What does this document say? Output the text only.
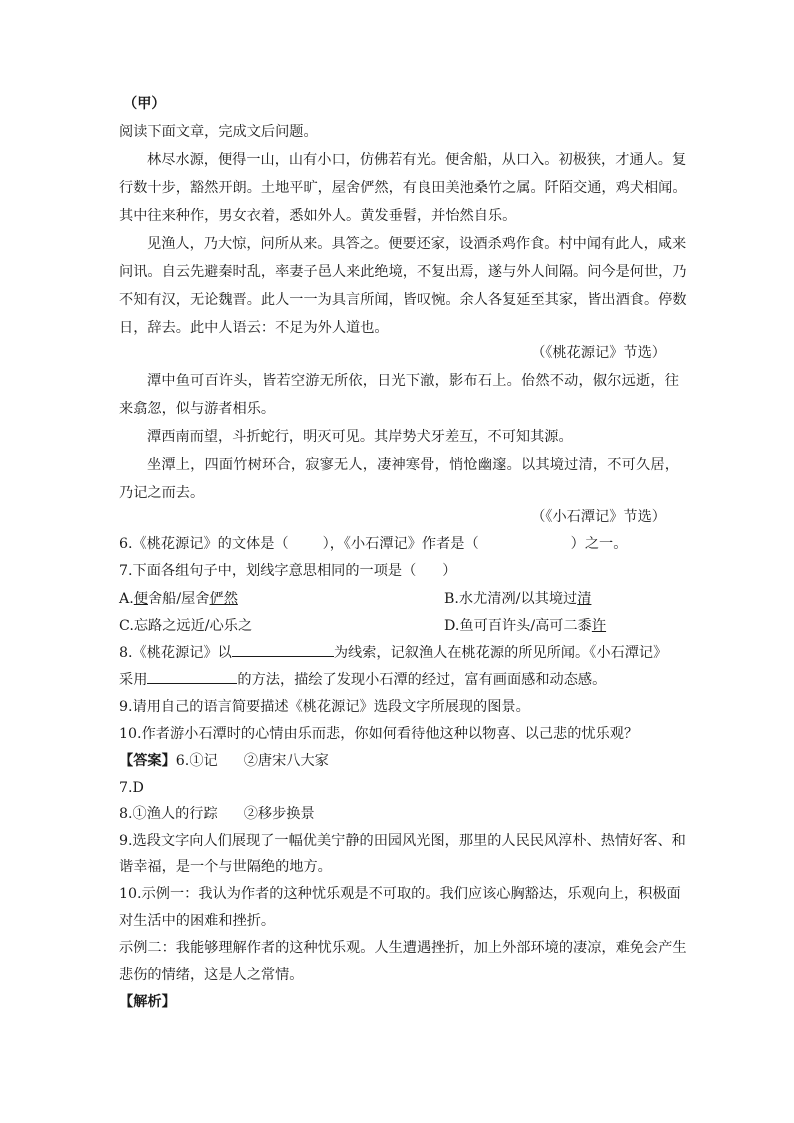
（甲）
阅读下面文章，完成文后问题。
林尽水源，便得一山，山有小口，仿佛若有光。便舍船，从口入。初极狭，才通人。复
行数十步，豁然开朗。土地平旷，屋舍俨然，有良田美池桑竹之属。阡陌交通，鸡犬相闻。
其中往来种作，男女衣着，悉如外人。黄发垂髫，并怡然自乐。
见渔人，乃大惊，问所从来。具答之。便要还家，设酒杀鸡作食。村中闻有此人，咸来
问讯。自云先避秦时乱，率妻子邑人来此绝境，不复出焉，遂与外人间隔。问今是何世，乃
不知有汉，无论魏晋。此人一一为具言所闻，皆叹惋。余人各复延至其家，皆出酒食。停数
日，辞去。此中人语云：不足为外人道也。
（《桃花源记》节选）
潭中鱼可百许头，皆若空游无所依，日光下澈，影布石上。佁然不动，俶尔远逝，往
来翕忽，似与游者相乐。
潭西南而望，斗折蛇行，明灭可见。其岸势犬牙差互，不可知其源。
坐潭上，四面竹树环合，寂寥无人，凄神寒骨，悄怆幽邃。以其境过清，不可久居，
乃记之而去。
（《小石潭记》节选）
6.《桃花源记》的文体是（ ），《小石潭记》作者是（	）之一。
7.下面各组句子中，划线字意思相同的一项是（ ）
A.便舍船/屋舍俨然	B.水尤清冽/以其境过清
C.忘路之远近/心乐之	D.鱼可百许头/高可二黍许
8.《桃花源记》以	为线索，记叙渔人在桃花源的所见所闻。《小石潭记》
采用	的方法，描绘了发现小石潭的经过，富有画面感和动态感。
9.请用自己的语言简要描述《桃花源记》选段文字所展现的图景。
10.作者游小石潭时的心情由乐而悲，你如何看待他这种以物喜、以己悲的忧乐观？
【答案】6.①记 ②唐宋八大家
7.D
8.①渔人的行踪 ②移步换景
9.选段文字向人们展现了一幅优美宁静的田园风光图，那里的人民民风淳朴、热情好客、和
谐幸福，是一个与世隔绝的地方。
10.示例一：我认为作者的这种忧乐观是不可取的。我们应该心胸豁达，乐观向上，积极面
对生活中的困难和挫折。
示例二：我能够理解作者的这种忧乐观。人生遭遇挫折，加上外部环境的凄凉，难免会产生
悲伤的情绪，这是人之常情。
【解析】
